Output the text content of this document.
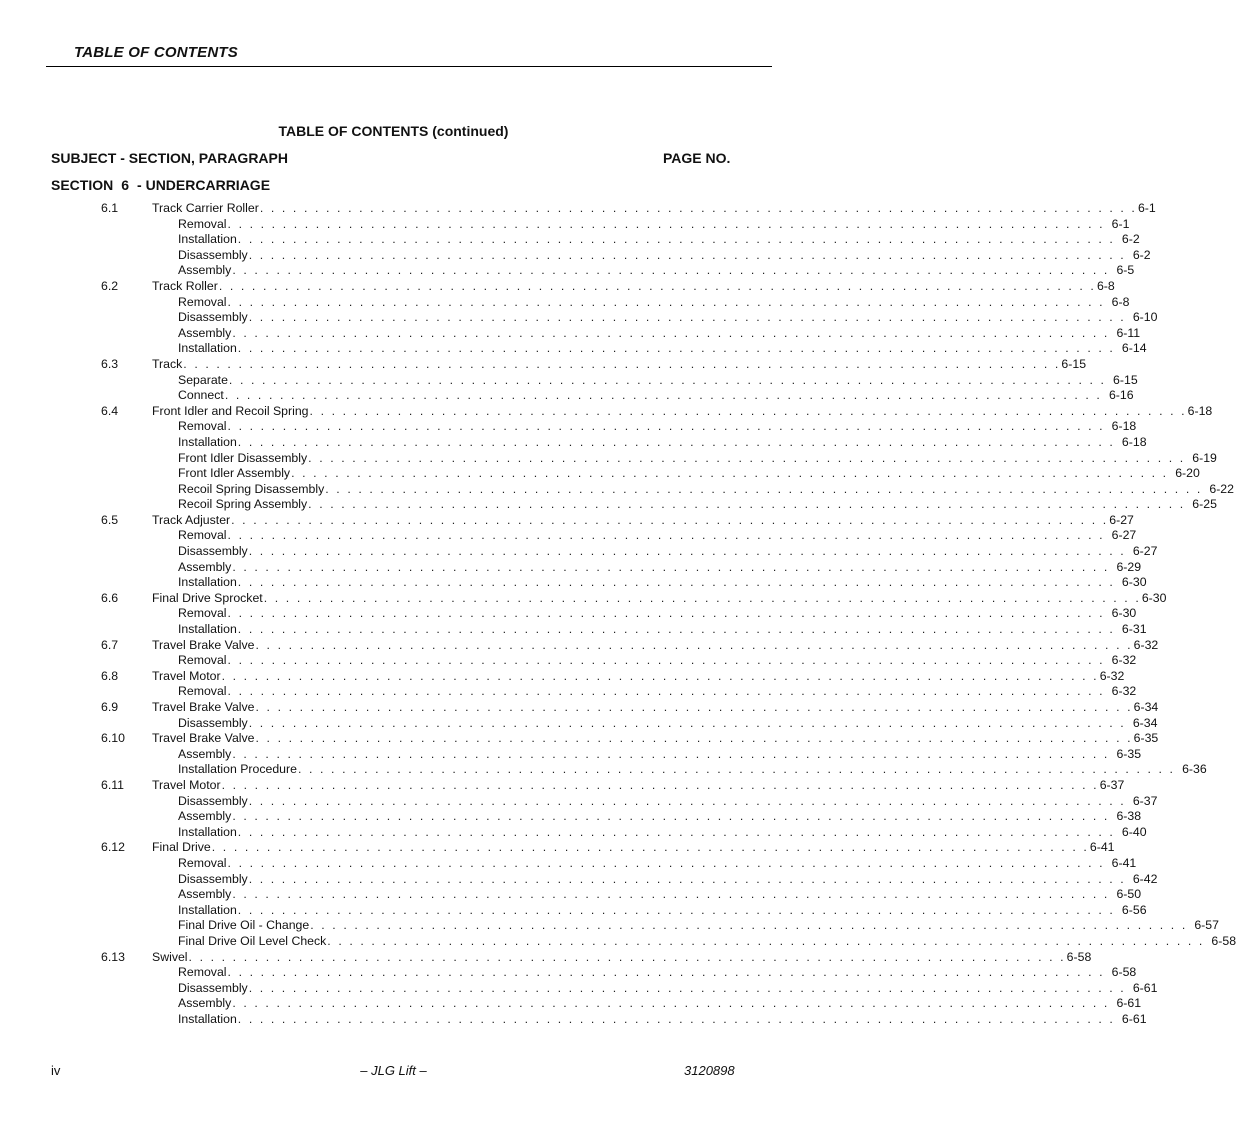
TABLE OF CONTENTS
TABLE OF CONTENTS (continued)
SUBJECT - SECTION, PARAGRAPH	PAGE NO.
SECTION 6 - UNDERCARRIAGE
6.1	Track Carrier Roller . . . . . . . . . . . . . . . . . . . . . . . . . . . . . . . . . . . . . . . . . . . . . . . . . . . . . . . . . . . . . . . . . . . . . . . . . . . . . . . . 6-1
Removal . . . . . . . . . . . . . . . . . . . . . . . . . . . . . . . . . . . . . . . . . . . . . . . . . . . . . . . . . . . . . . . . . . . . . . . . . . . . . . . . 6-1
Installation . . . . . . . . . . . . . . . . . . . . . . . . . . . . . . . . . . . . . . . . . . . . . . . . . . . . . . . . . . . . . . . . . . . . . . . . . . . . . . . . 6-2
Disassembly . . . . . . . . . . . . . . . . . . . . . . . . . . . . . . . . . . . . . . . . . . . . . . . . . . . . . . . . . . . . . . . . . . . . . . . . . . . . . . . . 6-2
Assembly . . . . . . . . . . . . . . . . . . . . . . . . . . . . . . . . . . . . . . . . . . . . . . . . . . . . . . . . . . . . . . . . . . . . . . . . . . . . . . . . 6-5
6.2	Track Roller . . . . . . . . . . . . . . . . . . . . . . . . . . . . . . . . . . . . . . . . . . . . . . . . . . . . . . . . . . . . . . . . . . . . . . . . . . . . . . . . 6-8
Removal . . . . . . . . . . . . . . . . . . . . . . . . . . . . . . . . . . . . . . . . . . . . . . . . . . . . . . . . . . . . . . . . . . . . . . . . . . . . . . . . 6-8
Disassembly . . . . . . . . . . . . . . . . . . . . . . . . . . . . . . . . . . . . . . . . . . . . . . . . . . . . . . . . . . . . . . . . . . . . . . . . . . . . . . . . 6-10
Assembly . . . . . . . . . . . . . . . . . . . . . . . . . . . . . . . . . . . . . . . . . . . . . . . . . . . . . . . . . . . . . . . . . . . . . . . . . . . . . . . . 6-11
Installation . . . . . . . . . . . . . . . . . . . . . . . . . . . . . . . . . . . . . . . . . . . . . . . . . . . . . . . . . . . . . . . . . . . . . . . . . . . . . . . . 6-14
6.3	Track . . . . . . . . . . . . . . . . . . . . . . . . . . . . . . . . . . . . . . . . . . . . . . . . . . . . . . . . . . . . . . . . . . . . . . . . . . . . . . . . 6-15
Separate . . . . . . . . . . . . . . . . . . . . . . . . . . . . . . . . . . . . . . . . . . . . . . . . . . . . . . . . . . . . . . . . . . . . . . . . . . . . . . . . 6-15
Connect . . . . . . . . . . . . . . . . . . . . . . . . . . . . . . . . . . . . . . . . . . . . . . . . . . . . . . . . . . . . . . . . . . . . . . . . . . . . . . . . 6-16
6.4	Front Idler and Recoil Spring . . . . . . . . . . . . . . . . . . . . . . . . . . . . . . . . . . . . . . . . . . . . . . . . . . . . . . . . . . . . . . . . . . . . . . . . . . . . . . . . 6-18
Removal . . . . . . . . . . . . . . . . . . . . . . . . . . . . . . . . . . . . . . . . . . . . . . . . . . . . . . . . . . . . . . . . . . . . . . . . . . . . . . . . 6-18
Installation . . . . . . . . . . . . . . . . . . . . . . . . . . . . . . . . . . . . . . . . . . . . . . . . . . . . . . . . . . . . . . . . . . . . . . . . . . . . . . . . 6-18
Front Idler Disassembly . . . . . . . . . . . . . . . . . . . . . . . . . . . . . . . . . . . . . . . . . . . . . . . . . . . . . . . . . . . . . . . . . . . . . . . . . . . . . . . . 6-19
Front Idler Assembly . . . . . . . . . . . . . . . . . . . . . . . . . . . . . . . . . . . . . . . . . . . . . . . . . . . . . . . . . . . . . . . . . . . . . . . . . . . . . . . . 6-20
Recoil Spring Disassembly . . . . . . . . . . . . . . . . . . . . . . . . . . . . . . . . . . . . . . . . . . . . . . . . . . . . . . . . . . . . . . . . . . . . . . . . . . . . . . . . 6-22
Recoil Spring Assembly . . . . . . . . . . . . . . . . . . . . . . . . . . . . . . . . . . . . . . . . . . . . . . . . . . . . . . . . . . . . . . . . . . . . . . . . . . . . . . . . 6-25
6.5	Track Adjuster . . . . . . . . . . . . . . . . . . . . . . . . . . . . . . . . . . . . . . . . . . . . . . . . . . . . . . . . . . . . . . . . . . . . . . . . . . . . . . . . 6-27
Removal . . . . . . . . . . . . . . . . . . . . . . . . . . . . . . . . . . . . . . . . . . . . . . . . . . . . . . . . . . . . . . . . . . . . . . . . . . . . . . . . 6-27
Disassembly . . . . . . . . . . . . . . . . . . . . . . . . . . . . . . . . . . . . . . . . . . . . . . . . . . . . . . . . . . . . . . . . . . . . . . . . . . . . . . . . 6-27
Assembly . . . . . . . . . . . . . . . . . . . . . . . . . . . . . . . . . . . . . . . . . . . . . . . . . . . . . . . . . . . . . . . . . . . . . . . . . . . . . . . . 6-29
Installation . . . . . . . . . . . . . . . . . . . . . . . . . . . . . . . . . . . . . . . . . . . . . . . . . . . . . . . . . . . . . . . . . . . . . . . . . . . . . . . . 6-30
6.6	Final Drive Sprocket . . . . . . . . . . . . . . . . . . . . . . . . . . . . . . . . . . . . . . . . . . . . . . . . . . . . . . . . . . . . . . . . . . . . . . . . . . . . . . . . 6-30
Removal . . . . . . . . . . . . . . . . . . . . . . . . . . . . . . . . . . . . . . . . . . . . . . . . . . . . . . . . . . . . . . . . . . . . . . . . . . . . . . . . 6-30
Installation . . . . . . . . . . . . . . . . . . . . . . . . . . . . . . . . . . . . . . . . . . . . . . . . . . . . . . . . . . . . . . . . . . . . . . . . . . . . . . . . 6-31
6.7	Travel Brake Valve . . . . . . . . . . . . . . . . . . . . . . . . . . . . . . . . . . . . . . . . . . . . . . . . . . . . . . . . . . . . . . . . . . . . . . . . . . . . . . . . 6-32
Removal . . . . . . . . . . . . . . . . . . . . . . . . . . . . . . . . . . . . . . . . . . . . . . . . . . . . . . . . . . . . . . . . . . . . . . . . . . . . . . . . 6-32
6.8	Travel Motor . . . . . . . . . . . . . . . . . . . . . . . . . . . . . . . . . . . . . . . . . . . . . . . . . . . . . . . . . . . . . . . . . . . . . . . . . . . . . . . . 6-32
Removal . . . . . . . . . . . . . . . . . . . . . . . . . . . . . . . . . . . . . . . . . . . . . . . . . . . . . . . . . . . . . . . . . . . . . . . . . . . . . . . . 6-32
6.9	Travel Brake Valve . . . . . . . . . . . . . . . . . . . . . . . . . . . . . . . . . . . . . . . . . . . . . . . . . . . . . . . . . . . . . . . . . . . . . . . . . . . . . . . . 6-34
Disassembly . . . . . . . . . . . . . . . . . . . . . . . . . . . . . . . . . . . . . . . . . . . . . . . . . . . . . . . . . . . . . . . . . . . . . . . . . . . . . . . . 6-34
6.10 Travel Brake Valve . . . . . . . . . . . . . . . . . . . . . . . . . . . . . . . . . . . . . . . . . . . . . . . . . . . . . . . . . . . . . . . . . . . . . . . . . . . . . . . . 6-35
Assembly . . . . . . . . . . . . . . . . . . . . . . . . . . . . . . . . . . . . . . . . . . . . . . . . . . . . . . . . . . . . . . . . . . . . . . . . . . . . . . . . 6-35
Installation Procedure . . . . . . . . . . . . . . . . . . . . . . . . . . . . . . . . . . . . . . . . . . . . . . . . . . . . . . . . . . . . . . . . . . . . . . . . . . . . . . . . 6-36
6.11 Travel Motor . . . . . . . . . . . . . . . . . . . . . . . . . . . . . . . . . . . . . . . . . . . . . . . . . . . . . . . . . . . . . . . . . . . . . . . . . . . . . . . . 6-37
Disassembly . . . . . . . . . . . . . . . . . . . . . . . . . . . . . . . . . . . . . . . . . . . . . . . . . . . . . . . . . . . . . . . . . . . . . . . . . . . . . . . . 6-37
Assembly . . . . . . . . . . . . . . . . . . . . . . . . . . . . . . . . . . . . . . . . . . . . . . . . . . . . . . . . . . . . . . . . . . . . . . . . . . . . . . . . 6-38
Installation . . . . . . . . . . . . . . . . . . . . . . . . . . . . . . . . . . . . . . . . . . . . . . . . . . . . . . . . . . . . . . . . . . . . . . . . . . . . . . . . 6-40
6.12 Final Drive . . . . . . . . . . . . . . . . . . . . . . . . . . . . . . . . . . . . . . . . . . . . . . . . . . . . . . . . . . . . . . . . . . . . . . . . . . . . . . . . 6-41
Removal . . . . . . . . . . . . . . . . . . . . . . . . . . . . . . . . . . . . . . . . . . . . . . . . . . . . . . . . . . . . . . . . . . . . . . . . . . . . . . . . 6-41
Disassembly . . . . . . . . . . . . . . . . . . . . . . . . . . . . . . . . . . . . . . . . . . . . . . . . . . . . . . . . . . . . . . . . . . . . . . . . . . . . . . . . 6-42
Assembly . . . . . . . . . . . . . . . . . . . . . . . . . . . . . . . . . . . . . . . . . . . . . . . . . . . . . . . . . . . . . . . . . . . . . . . . . . . . . . . . 6-50
Installation . . . . . . . . . . . . . . . . . . . . . . . . . . . . . . . . . . . . . . . . . . . . . . . . . . . . . . . . . . . . . . . . . . . . . . . . . . . . . . . . 6-56
Final Drive Oil - Change . . . . . . . . . . . . . . . . . . . . . . . . . . . . . . . . . . . . . . . . . . . . . . . . . . . . . . . . . . . . . . . . . . . . . . . . . . . . . . . . 6-57
Final Drive Oil Level Check . . . . . . . . . . . . . . . . . . . . . . . . . . . . . . . . . . . . . . . . . . . . . . . . . . . . . . . . . . . . . . . . . . . . . . . . . . . . . . . . 6-58
6.13 Swivel . . . . . . . . . . . . . . . . . . . . . . . . . . . . . . . . . . . . . . . . . . . . . . . . . . . . . . . . . . . . . . . . . . . . . . . . . . . . . . . . 6-58
Removal . . . . . . . . . . . . . . . . . . . . . . . . . . . . . . . . . . . . . . . . . . . . . . . . . . . . . . . . . . . . . . . . . . . . . . . . . . . . . . . . 6-58
Disassembly . . . . . . . . . . . . . . . . . . . . . . . . . . . . . . . . . . . . . . . . . . . . . . . . . . . . . . . . . . . . . . . . . . . . . . . . . . . . . . . . 6-61
Assembly . . . . . . . . . . . . . . . . . . . . . . . . . . . . . . . . . . . . . . . . . . . . . . . . . . . . . . . . . . . . . . . . . . . . . . . . . . . . . . . . 6-61
Installation . . . . . . . . . . . . . . . . . . . . . . . . . . . . . . . . . . . . . . . . . . . . . . . . . . . . . . . . . . . . . . . . . . . . . . . . . . . . . . . . 6-61
iv	– JLG Lift –	3120898
